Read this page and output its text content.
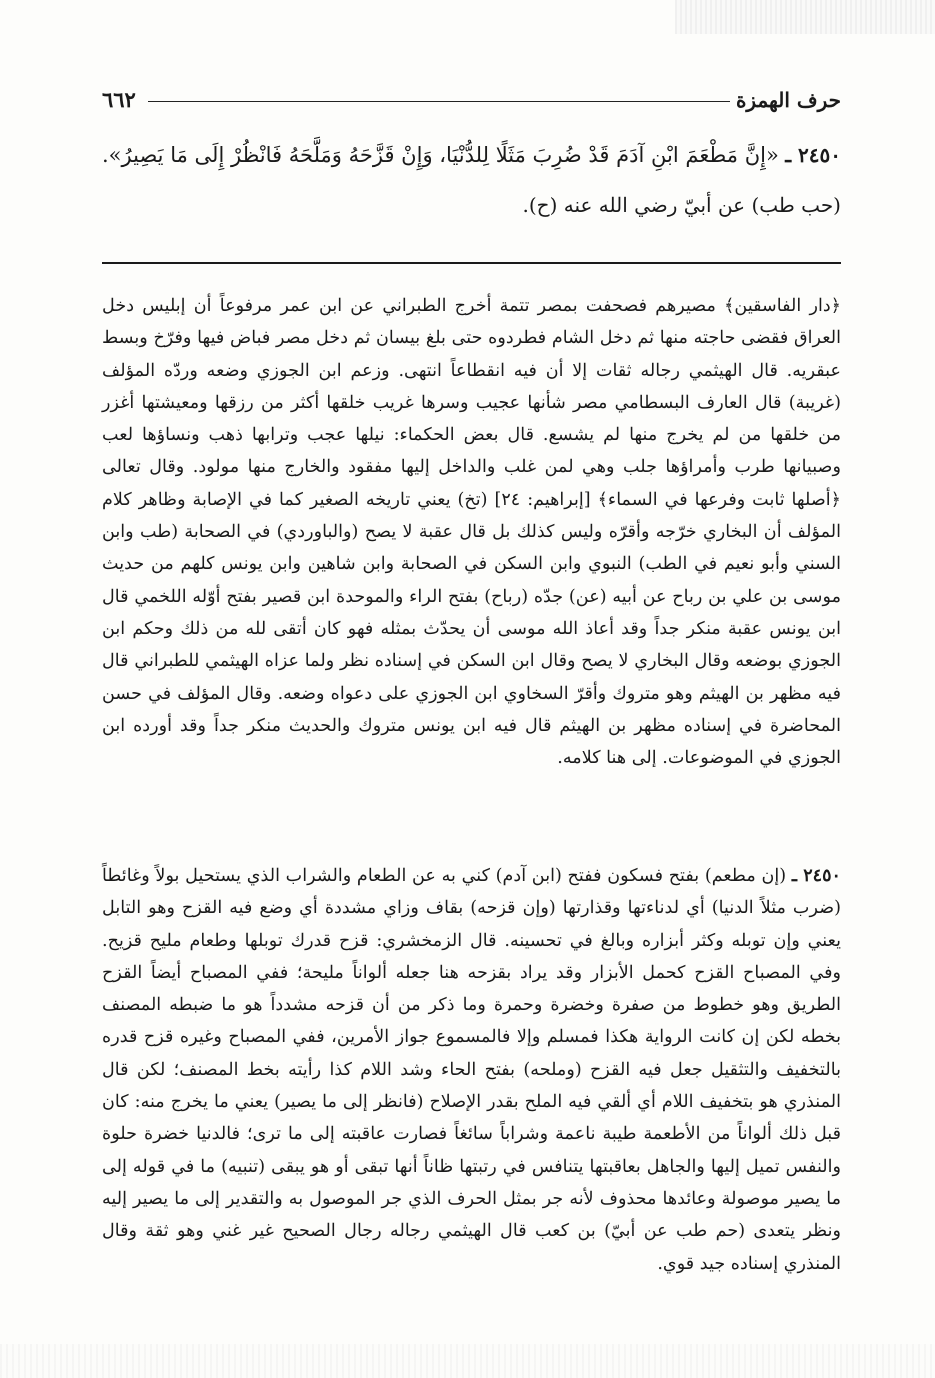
٦٦٢	حرف الهمزة
٢٤٥٠ ـ «إِنَّ مَطْعَمَ ابْنِ آدَمَ قَدْ ضُرِبَ مَثَلًا لِلدُّنْيَا، وَإِنْ قَزَّحَهُ وَمَلَّحَهُ فَانْظُرْ إِلَى مَا يَصِيرُ». (حب طب) عن أبيّ رضي الله عنه (ح).

﴿دار الفاسقين﴾ مصيرهم فصحفت بمصر تتمة أخرج الطبراني عن ابن عمر مرفوعاً أن إبليس دخل العراق فقضى حاجته منها ثم دخل الشام فطردوه حتى بلغ بيسان ثم دخل مصر فباض فيها وفرّخ وبسط عبقريه. قال الهيثمي رجاله ثقات إلا أن فيه انقطاعاً انتهى. وزعم ابن الجوزي وضعه وردّه المؤلف (غريبة) قال العارف البسطامي مصر شأنها عجيب وسرها غريب خلقها أكثر من رزقها ومعيشتها أغزر من خلقها من لم يخرج منها لم يشسع. قال بعض الحكماء: نيلها عجب وترابها ذهب ونساؤها لعب وصبيانها طرب وأمراؤها جلب وهي لمن غلب والداخل إليها مفقود والخارج منها مولود. وقال تعالى ﴿أصلها ثابت وفرعها في السماء﴾ [إبراهيم: ٢٤] (تخ) يعني تاريخه الصغير كما في الإصابة وظاهر كلام المؤلف أن البخاري خرّجه وأقرّه وليس كذلك بل قال عقبة لا يصح (والباوردي) في الصحابة (طب وابن السني وأبو نعيم في الطب) النبوي وابن السكن في الصحابة وابن شاهين وابن يونس كلهم من حديث موسى بن علي بن رباح عن أبيه (عن) جدّه (رباح) بفتح الراء والموحدة ابن قصير بفتح أوّله اللخمي قال ابن يونس عقبة منكر جداً وقد أعاذ الله موسى أن يحدّث بمثله فهو كان أتقى لله من ذلك وحكم ابن الجوزي بوضعه وقال البخاري لا يصح وقال ابن السكن في إسناده نظر ولما عزاه الهيثمي للطبراني قال فيه مظهر بن الهيثم وهو متروك وأقرّ السخاوي ابن الجوزي على دعواه وضعه. وقال المؤلف في حسن المحاضرة في إسناده مظهر بن الهيثم قال فيه ابن يونس متروك والحديث منكر جداً وقد أورده ابن الجوزي في الموضوعات. إلى هنا كلامه.

٢٤٥٠ ـ (إن مطعم) بفتح فسكون ففتح (ابن آدم) كني به عن الطعام والشراب الذي يستحيل بولاً وغائطاً (ضرب مثلاً الدنيا) أي لدناءتها وقذارتها (وإن قزحه) بقاف وزاي مشددة أي وضع فيه القزح وهو التابل يعني وإن توبله وكثر أبزاره وبالغ في تحسينه. قال الزمخشري: قزح قدرك توبلها وطعام مليح قزيح. وفي المصباح القزح كحمل الأبزار وقد يراد بقزحه هنا جعله ألواناً مليحة؛ ففي المصباح أيضاً القزح الطريق وهو خطوط من صفرة وخضرة وحمرة وما ذكر من أن قزحه مشدداً هو ما ضبطه المصنف بخطه لكن إن كانت الرواية هكذا فمسلم وإلا فالمسموع جواز الأمرين، ففي المصباح وغيره قزح قدره بالتخفيف والتثقيل جعل فيه القزح (وملحه) بفتح الحاء وشد اللام كذا رأيته بخط المصنف؛ لكن قال المنذري هو بتخفيف اللام أي ألقي فيه الملح بقدر الإصلاح (فانظر إلى ما يصير) يعني ما يخرج منه: كان قبل ذلك ألواناً من الأطعمة طيبة ناعمة وشراباً سائغاً فصارت عاقبته إلى ما ترى؛ فالدنيا خضرة حلوة والنفس تميل إليها والجاهل بعاقبتها يتنافس في رتبتها ظاناً أنها تبقى أو هو يبقى (تنبيه) ما في قوله إلى ما يصير موصولة وعائدها محذوف لأنه جر بمثل الحرف الذي جر الموصول به والتقدير إلى ما يصير إليه ونظر يتعدى (حم طب عن أبيّ) بن كعب قال الهيثمي رجاله رجال الصحيح غير غني وهو ثقة وقال المنذري إسناده جيد قوي.
